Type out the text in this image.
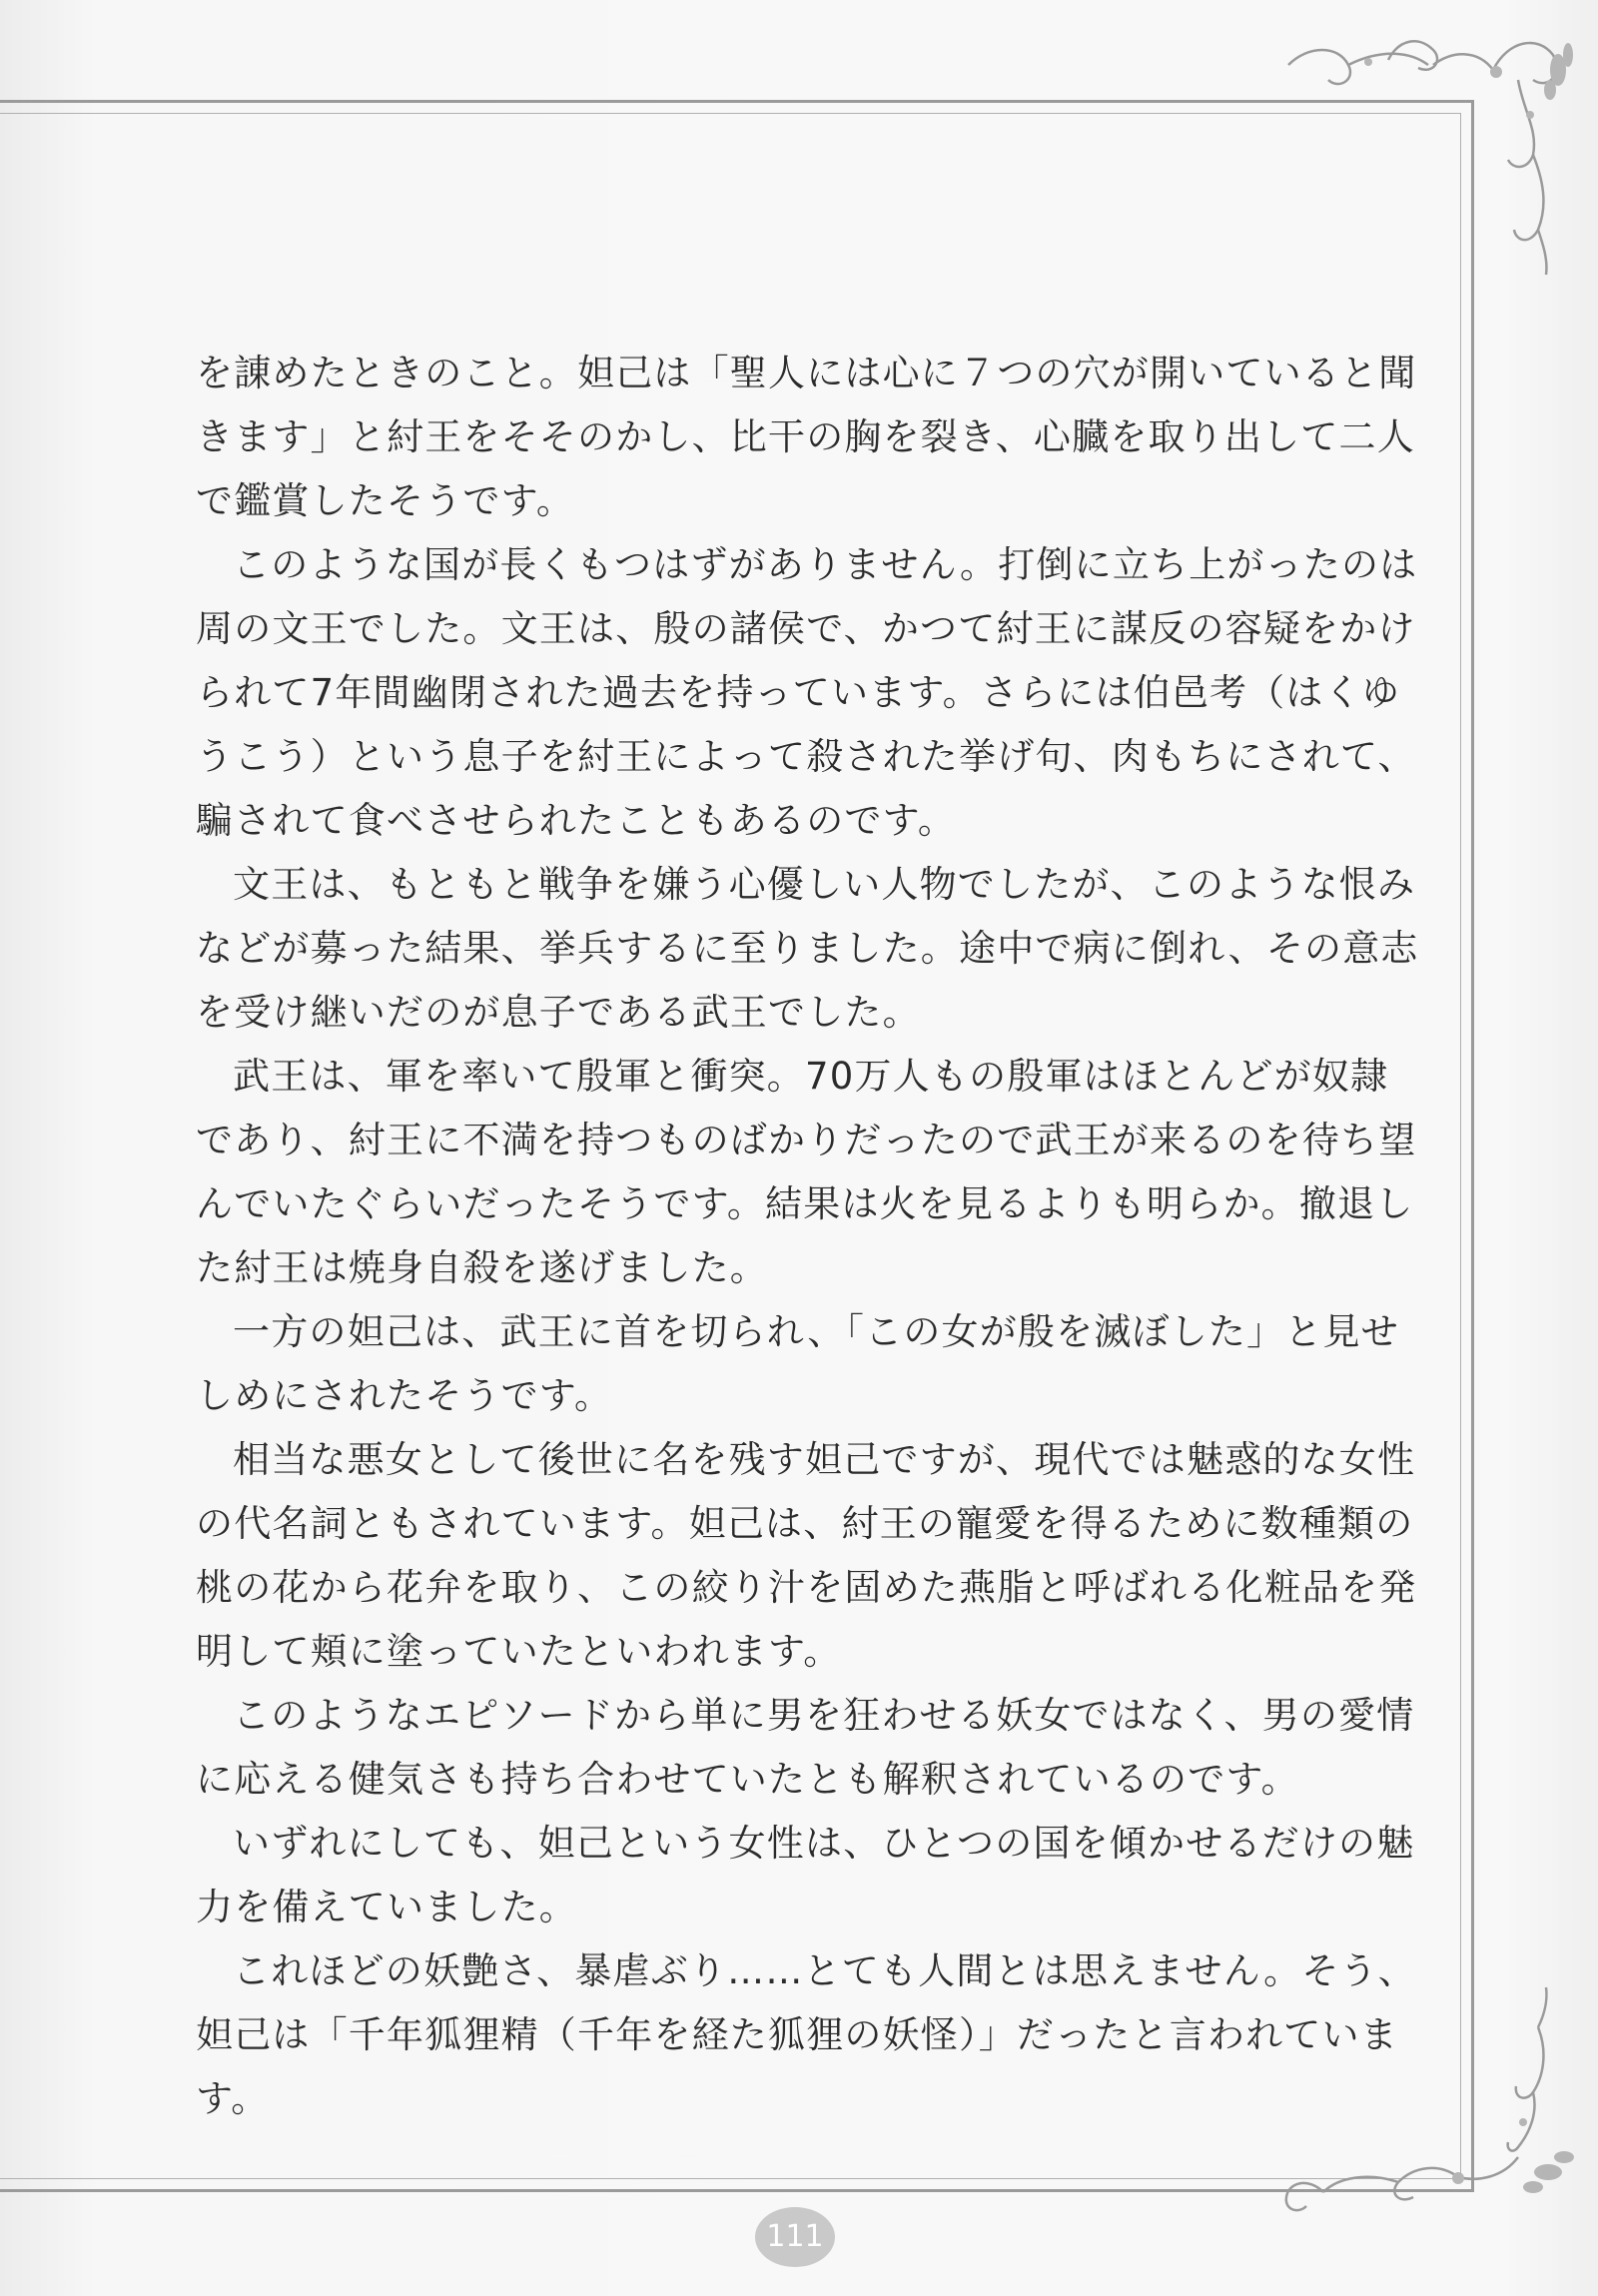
を諌めたときのこと。妲己は「聖人には心に７つの穴が開いていると聞きます」と紂王をそそのかし、比干の胸を裂き、心臓を取り出して二人で鑑賞したそうです。

このような国が長くもつはずがありません。打倒に立ち上がったのは周の文王でした。文王は、殷の諸侯で、かつて紂王に謀反の容疑をかけられて7年間幽閉された過去を持っています。さらには伯邑考（はくゆうこう）という息子を紂王によって殺された挙げ句、肉もちにされて、騙されて食べさせられたこともあるのです。

文王は、もともと戦争を嫌う心優しい人物でしたが、このような恨みなどが募った結果、挙兵するに至りました。途中で病に倒れ、その意志を受け継いだのが息子である武王でした。

武王は、軍を率いて殷軍と衝突。70万人もの殷軍はほとんどが奴隷であり、紂王に不満を持つものばかりだったので武王が来るのを待ち望んでいたぐらいだったそうです。結果は火を見るよりも明らか。撤退した紂王は焼身自殺を遂げました。

一方の妲己は、武王に首を切られ、「この女が殷を滅ぼした」と見せしめにされたそうです。

相当な悪女として後世に名を残す妲己ですが、現代では魅惑的な女性の代名詞ともされています。妲己は、紂王の寵愛を得るために数種類の桃の花から花弁を取り、この絞り汁を固めた燕脂と呼ばれる化粧品を発明して頬に塗っていたといわれます。

このようなエピソードから単に男を狂わせる妖女ではなく、男の愛情に応える健気さも持ち合わせていたとも解釈されているのです。

いずれにしても、妲己という女性は、ひとつの国を傾かせるだけの魅力を備えていました。

これほどの妖艶さ、暴虐ぶり……とても人間とは思えません。そう、妲己は「千年狐狸精（千年を経た狐狸の妖怪）」だったと言われています。

111
